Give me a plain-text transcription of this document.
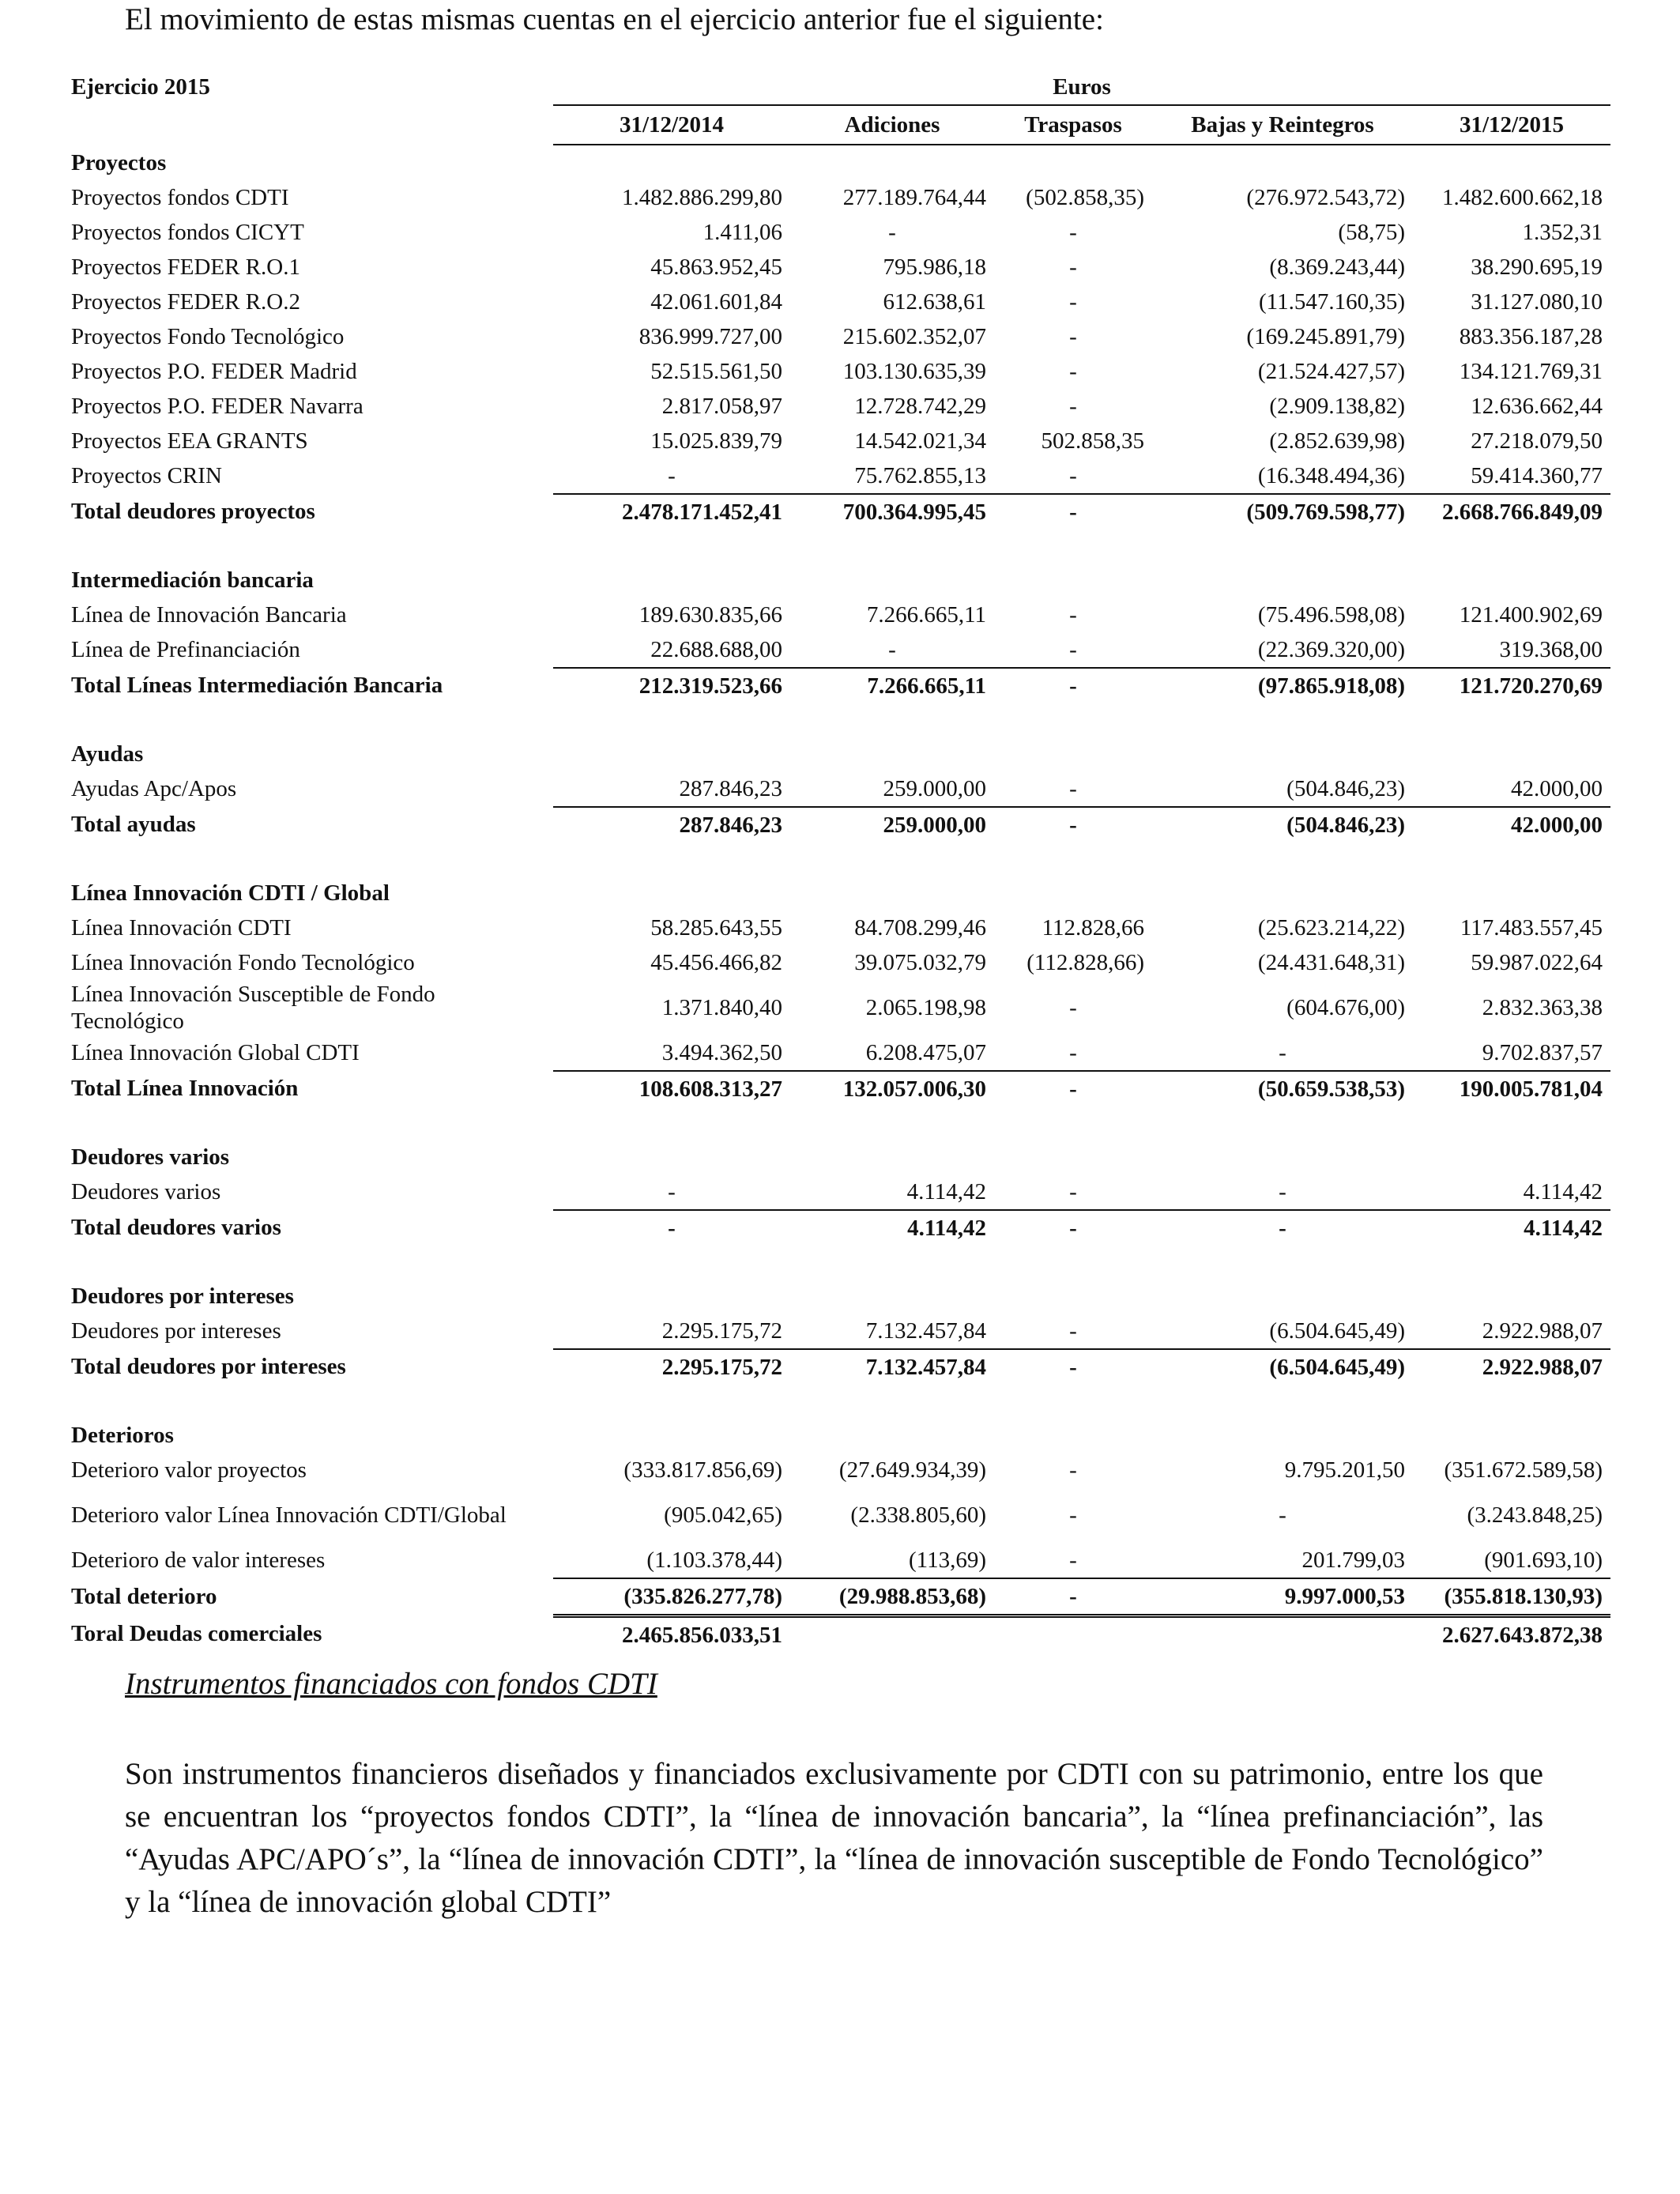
El movimiento de estas mismas cuentas en el ejercicio anterior fue el siguiente:
Ejercicio 2015	Euros				
	31/12/2014	Adiciones	Traspasos	Bajas y Reintegros	31/12/2015
Proyectos					
Proyectos fondos CDTI	1.482.886.299,80	277.189.764,44	(502.858,35)	(276.972.543,72)	1.482.600.662,18
Proyectos fondos CICYT	1.411,06	-	-	(58,75)	1.352,31
Proyectos FEDER R.O.1	45.863.952,45	795.986,18	-	(8.369.243,44)	38.290.695,19
Proyectos FEDER R.O.2	42.061.601,84	612.638,61	-	(11.547.160,35)	31.127.080,10
Proyectos Fondo Tecnológico	836.999.727,00	215.602.352,07	-	(169.245.891,79)	883.356.187,28
Proyectos P.O. FEDER Madrid	52.515.561,50	103.130.635,39	-	(21.524.427,57)	134.121.769,31
Proyectos P.O. FEDER Navarra	2.817.058,97	12.728.742,29	-	(2.909.138,82)	12.636.662,44
Proyectos EEA GRANTS	15.025.839,79	14.542.021,34	502.858,35	(2.852.639,98)	27.218.079,50
Proyectos CRIN	-	75.762.855,13	-	(16.348.494,36)	59.414.360,77
Total deudores proyectos	2.478.171.452,41	700.364.995,45	-	(509.769.598,77)	2.668.766.849,09

Intermediación bancaria					
Línea de Innovación Bancaria	189.630.835,66	7.266.665,11	-	(75.496.598,08)	121.400.902,69
Línea de Prefinanciación	22.688.688,00	-	-	(22.369.320,00)	319.368,00
Total Líneas Intermediación Bancaria	212.319.523,66	7.266.665,11	-	(97.865.918,08)	121.720.270,69

Ayudas					
Ayudas Apc/Apos	287.846,23	259.000,00	-	(504.846,23)	42.000,00
Total ayudas	287.846,23	259.000,00	-	(504.846,23)	42.000,00

Línea Innovación CDTI / Global					
Línea Innovación CDTI	58.285.643,55	84.708.299,46	112.828,66	(25.623.214,22)	117.483.557,45
Línea Innovación Fondo Tecnológico	45.456.466,82	39.075.032,79	(112.828,66)	(24.431.648,31)	59.987.022,64
Línea Innovación Susceptible de Fondo Tecnológico	1.371.840,40	2.065.198,98	-	(604.676,00)	2.832.363,38
Línea Innovación Global CDTI	3.494.362,50	6.208.475,07	-	-	9.702.837,57
Total Línea Innovación	108.608.313,27	132.057.006,30	-	(50.659.538,53)	190.005.781,04

Deudores varios					
Deudores varios	-	4.114,42	-	-	4.114,42
Total deudores varios	-	4.114,42	-	-	4.114,42

Deudores por intereses					
Deudores por intereses	2.295.175,72	7.132.457,84	-	(6.504.645,49)	2.922.988,07
Total deudores por intereses	2.295.175,72	7.132.457,84	-	(6.504.645,49)	2.922.988,07

Deterioros					
Deterioro valor proyectos	(333.817.856,69)	(27.649.934,39)	-	9.795.201,50	(351.672.589,58)
Deterioro valor Línea Innovación CDTI/Global	(905.042,65)	(2.338.805,60)	-	-	(3.243.848,25)
Deterioro de valor intereses	(1.103.378,44)	(113,69)	-	201.799,03	(901.693,10)
Total deterioro	(335.826.277,78)	(29.988.853,68)	-	9.997.000,53	(355.818.130,93)
Toral Deudas comerciales	2.465.856.033,51				2.627.643.872,38
Instrumentos financiados con fondos CDTI
Son instrumentos financieros diseñados y financiados exclusivamente por CDTI con su patrimonio, entre los que se encuentran los “proyectos fondos CDTI”, la “línea de innovación bancaria”, la “línea prefinanciación”, las “Ayudas APC/APO´s”, la “línea de innovación CDTI”, la “línea de innovación susceptible de Fondo Tecnológico” y la “línea de innovación global CDTI”
